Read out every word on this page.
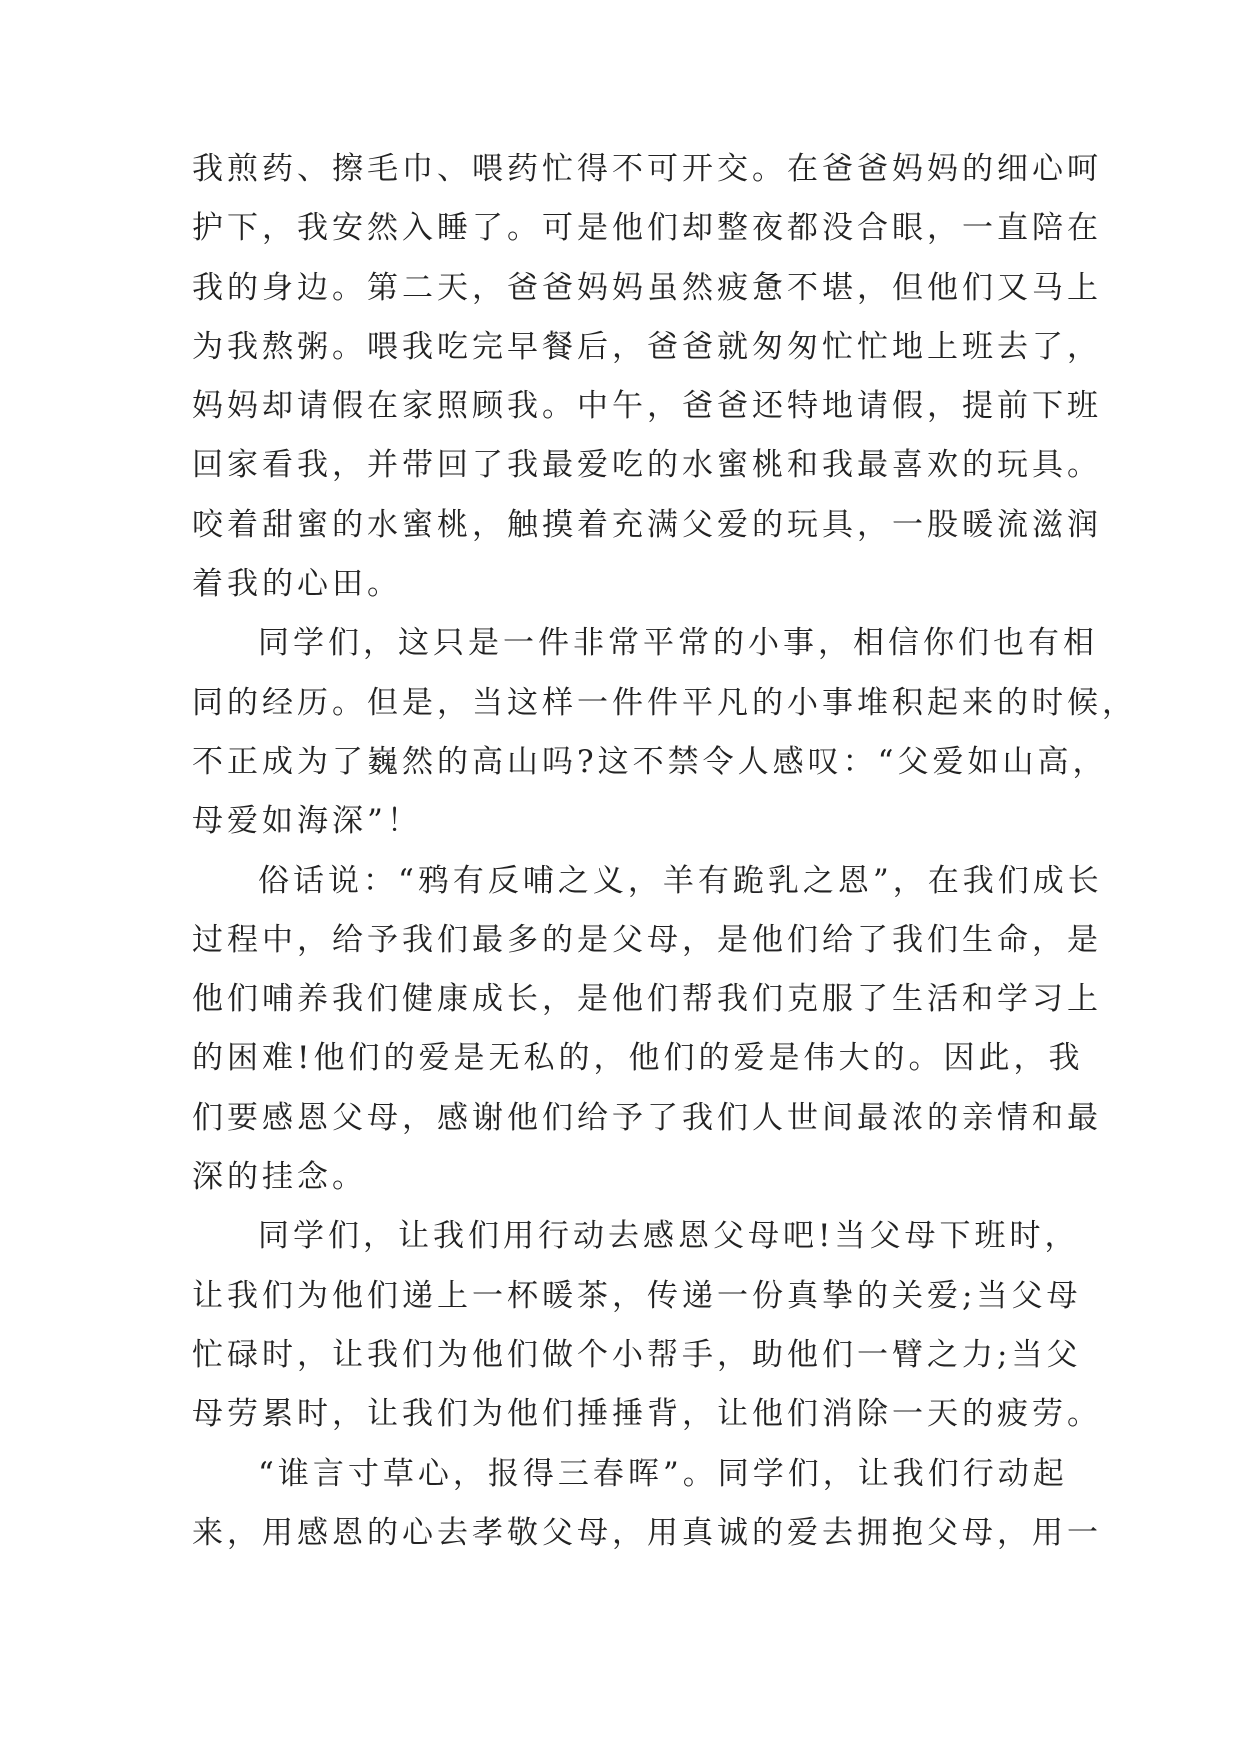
我煎药、擦毛巾、喂药忙得不可开交。在爸爸妈妈的细心呵
护下，我安然入睡了。可是他们却整夜都没合眼，一直陪在
我的身边。第二天，爸爸妈妈虽然疲惫不堪，但他们又马上
为我熬粥。喂我吃完早餐后，爸爸就匆匆忙忙地上班去了，
妈妈却请假在家照顾我。中午，爸爸还特地请假，提前下班
回家看我，并带回了我最爱吃的水蜜桃和我最喜欢的玩具。
咬着甜蜜的水蜜桃，触摸着充满父爱的玩具，一股暖流滋润
着我的心田。
同学们，这只是一件非常平常的小事，相信你们也有相
同的经历。但是，当这样一件件平凡的小事堆积起来的时候，
不正成为了巍然的高山吗?这不禁令人感叹：“父爱如山高，
母爱如海深”！
俗话说：“鸦有反哺之义，羊有跪乳之恩”，在我们成长
过程中，给予我们最多的是父母，是他们给了我们生命，是
他们哺养我们健康成长，是他们帮我们克服了生活和学习上
的困难!他们的爱是无私的，他们的爱是伟大的。因此，我
们要感恩父母，感谢他们给予了我们人世间最浓的亲情和最
深的挂念。
同学们，让我们用行动去感恩父母吧!当父母下班时，
让我们为他们递上一杯暖茶，传递一份真挚的关爱;当父母
忙碌时，让我们为他们做个小帮手，助他们一臂之力;当父
母劳累时，让我们为他们捶捶背，让他们消除一天的疲劳。
“谁言寸草心，报得三春晖”。同学们，让我们行动起
来，用感恩的心去孝敬父母，用真诚的爱去拥抱父母，用一
